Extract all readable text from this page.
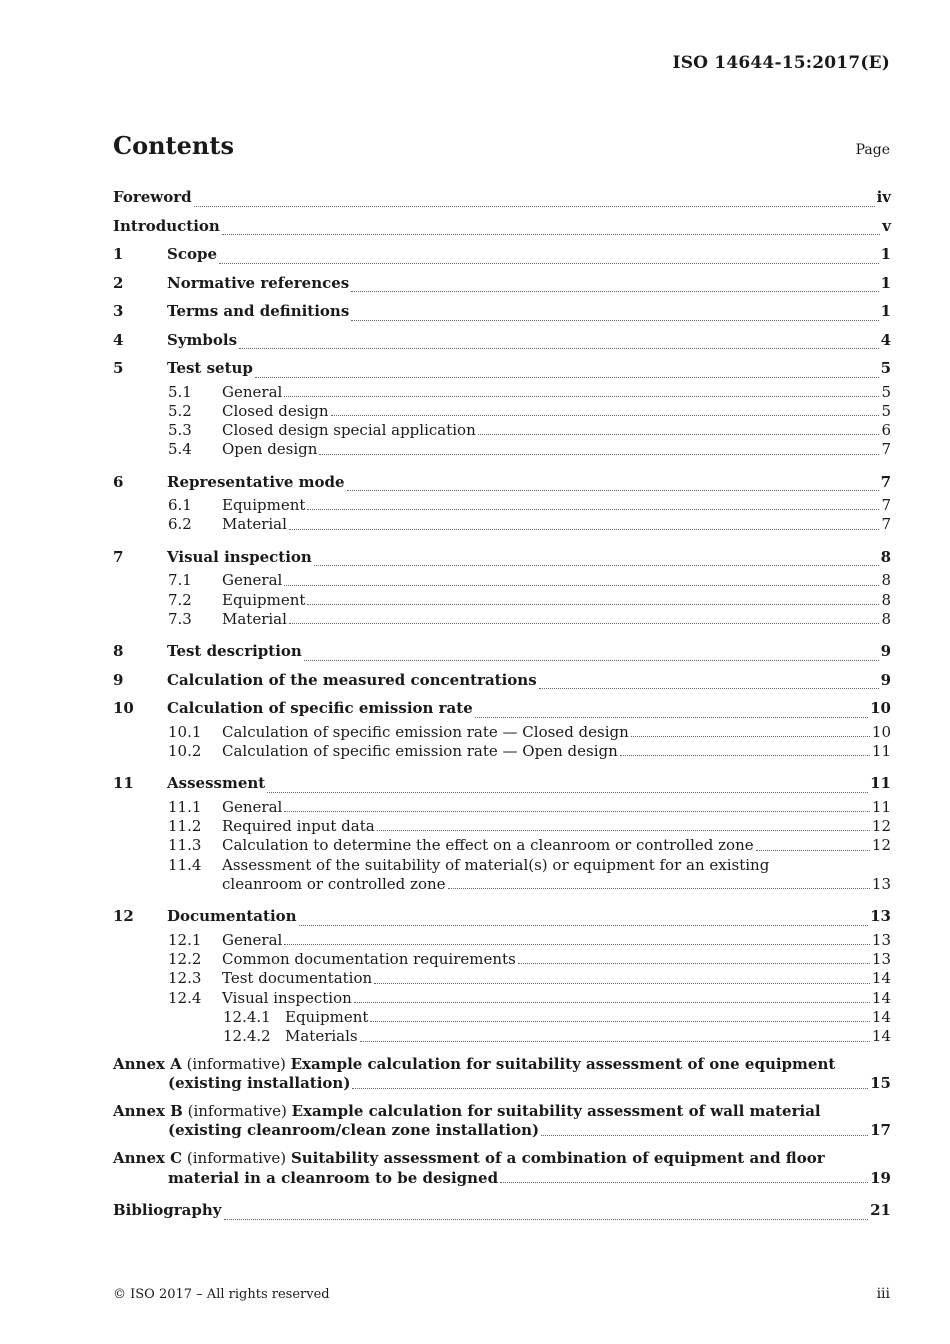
ISO 14644-15:2017(E)
Contents	Page
Foreword	iv
Introduction	v
1	Scope	1
2	Normative references	1
3	Terms and definitions	1
4	Symbols	4
5	Test setup	5
5.1 General	5
5.2 Closed design	5
5.3 Closed design special application	6
5.4 Open design	7
6	Representative mode	7
6.1 Equipment	7
6.2 Material	7
7	Visual inspection	8
7.1 General	8
7.2 Equipment	8
7.3 Material	8
8	Test description	9
9	Calculation of the measured concentrations	9
10 Calculation of specific emission rate	10
10.1 Calculation of specific emission rate — Closed design	10
10.2 Calculation of specific emission rate — Open design	11
11 Assessment	11
11.1 General	11
11.2 Required input data	12
11.3 Calculation to determine the effect on a cleanroom or controlled zone	12
11.4 Assessment of the suitability of material(s) or equipment for an existing
cleanroom or controlled zone	13
12 Documentation	13
12.1 General	13
12.2 Common documentation requirements	13
12.3 Test documentation	14
12.4 Visual inspection	14
12.4.1 Equipment	14
12.4.2 Materials	14
Annex A (informative) Example calculation for suitability assessment of one equipment
(existing installation)	15
Annex B (informative) Example calculation for suitability assessment of wall material
(existing cleanroom/clean zone installation)	17
Annex C (informative) Suitability assessment of a combination of equipment and floor
material in a cleanroom to be designed	19
Bibliography	21
© ISO 2017 – All rights reserved	iii
